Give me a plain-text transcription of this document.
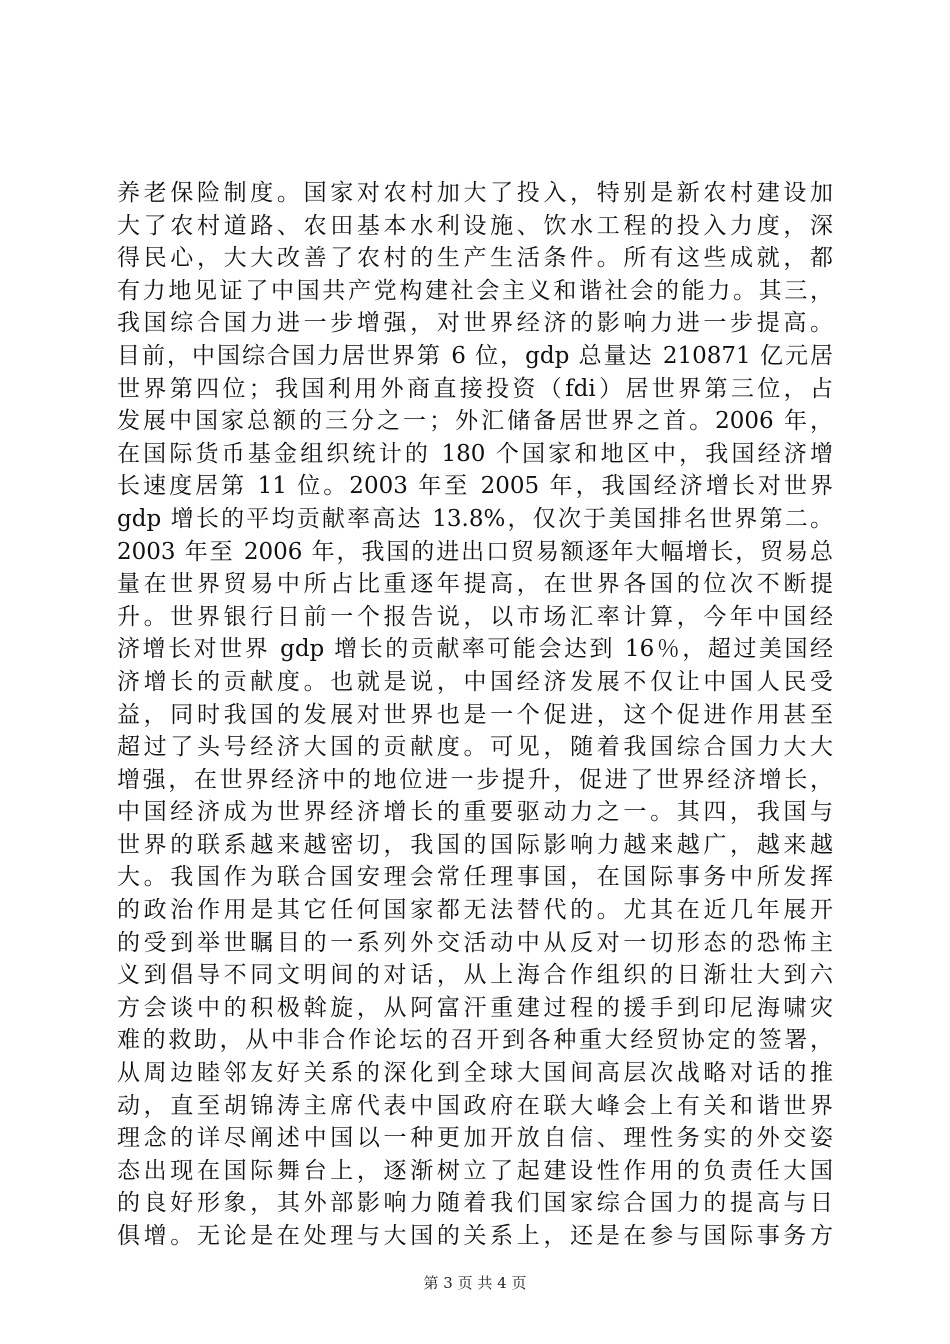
养老保险制度。国家对农村加大了投入，特别是新农村建设加
大了农村道路、农田基本水利设施、饮水工程的投入力度，深
得民心，大大改善了农村的生产生活条件。所有这些成就，都
有力地见证了中国共产党构建社会主义和谐社会的能力。其三，
我国综合国力进一步增强，对世界经济的影响力进一步提高。
目前，中国综合国力居世界第 6 位，gdp 总量达 210871 亿元居
世界第四位；我国利用外商直接投资（fdi）居世界第三位，占
发展中国家总额的三分之一；外汇储备居世界之首。2006 年，
在国际货币基金组织统计的 180 个国家和地区中，我国经济增
长速度居第 11 位。2003 年至 2005 年，我国经济增长对世界
gdp 增长的平均贡献率高达 13.8%，仅次于美国排名世界第二。
2003 年至 2006 年，我国的进出口贸易额逐年大幅增长，贸易总
量在世界贸易中所占比重逐年提高，在世界各国的位次不断提
升。世界银行日前一个报告说，以市场汇率计算，今年中国经
济增长对世界 gdp 增长的贡献率可能会达到 16％，超过美国经
济增长的贡献度。也就是说，中国经济发展不仅让中国人民受
益，同时我国的发展对世界也是一个促进，这个促进作用甚至
超过了头号经济大国的贡献度。可见，随着我国综合国力大大
增强，在世界经济中的地位进一步提升，促进了世界经济增长，
中国经济成为世界经济增长的重要驱动力之一。其四，我国与
世界的联系越来越密切，我国的国际影响力越来越广，越来越
大。我国作为联合国安理会常任理事国，在国际事务中所发挥
的政治作用是其它任何国家都无法替代的。尤其在近几年展开
的受到举世瞩目的一系列外交活动中从反对一切形态的恐怖主
义到倡导不同文明间的对话，从上海合作组织的日渐壮大到六
方会谈中的积极斡旋，从阿富汗重建过程的援手到印尼海啸灾
难的救助，从中非合作论坛的召开到各种重大经贸协定的签署，
从周边睦邻友好关系的深化到全球大国间高层次战略对话的推
动，直至胡锦涛主席代表中国政府在联大峰会上有关和谐世界
理念的详尽阐述中国以一种更加开放自信、理性务实的外交姿
态出现在国际舞台上，逐渐树立了起建设性作用的负责任大国
的良好形象，其外部影响力随着我们国家综合国力的提高与日
俱增。无论是在处理与大国的关系上，还是在参与国际事务方
第 3 页 共 4 页
